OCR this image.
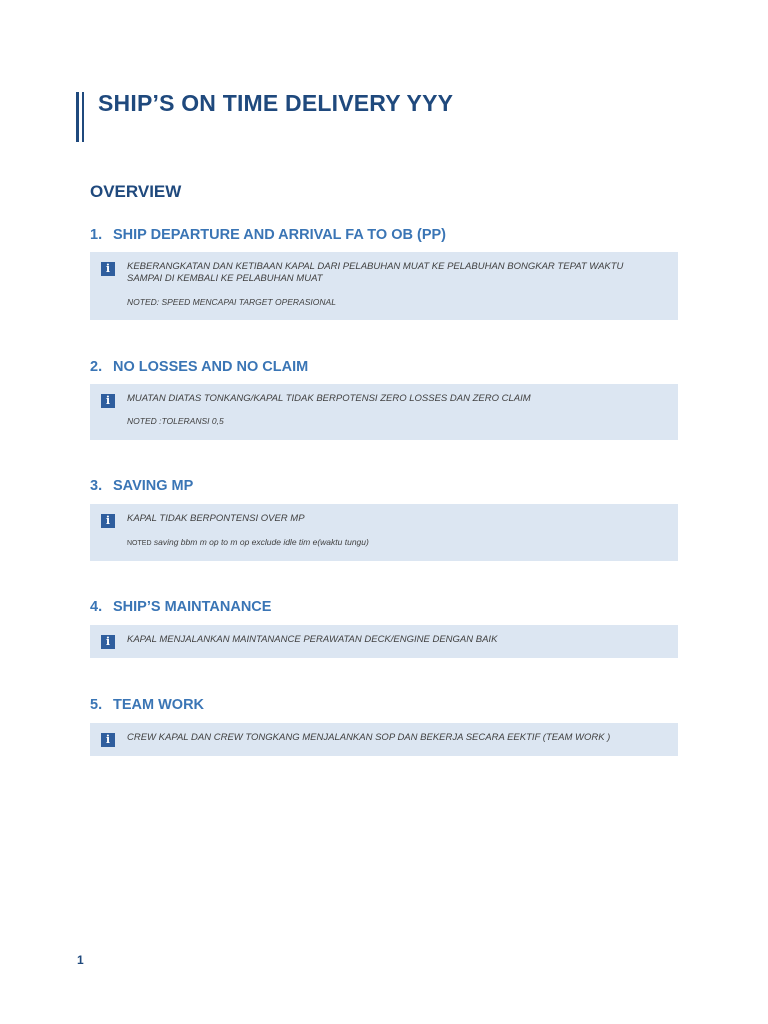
SHIP’S ON TIME DELIVERY YYY
OVERVIEW
1. SHIP DEPARTURE AND ARRIVAL FA TO OB (PP)
i	KEBERANGKATAN DAN KETIBAAN KAPAL DARI PELABUHAN MUAT KE PELABUHAN BONGKAR TEPAT WAKTU SAMPAI DI KEMBALI KE PELABUHAN MUAT

NOTED: SPEED MENCAPAI TARGET OPERASIONAL

2. NO LOSSES AND NO CLAIM
i	MUATAN DIATAS TONKANG/KAPAL TIDAK BERPOTENSI ZERO LOSSES DAN ZERO CLAIM

NOTED :TOLERANSI 0,5

3. SAVING MP
i	KAPAL TIDAK BERPONTENSI OVER MP

NOTED saving bbm m op to m op exclude idle tim e(waktu tungu)

4. SHIP’S MAINTANANCE
i	KAPAL MENJALANKAN MAINTANANCE PERAWATAN DECK/ENGINE DENGAN BAIK

5. TEAM WORK
i	CREW KAPAL DAN CREW TONGKANG MENJALANKAN SOP DAN BEKERJA SECARA EEKTIF (TEAM WORK )

1
